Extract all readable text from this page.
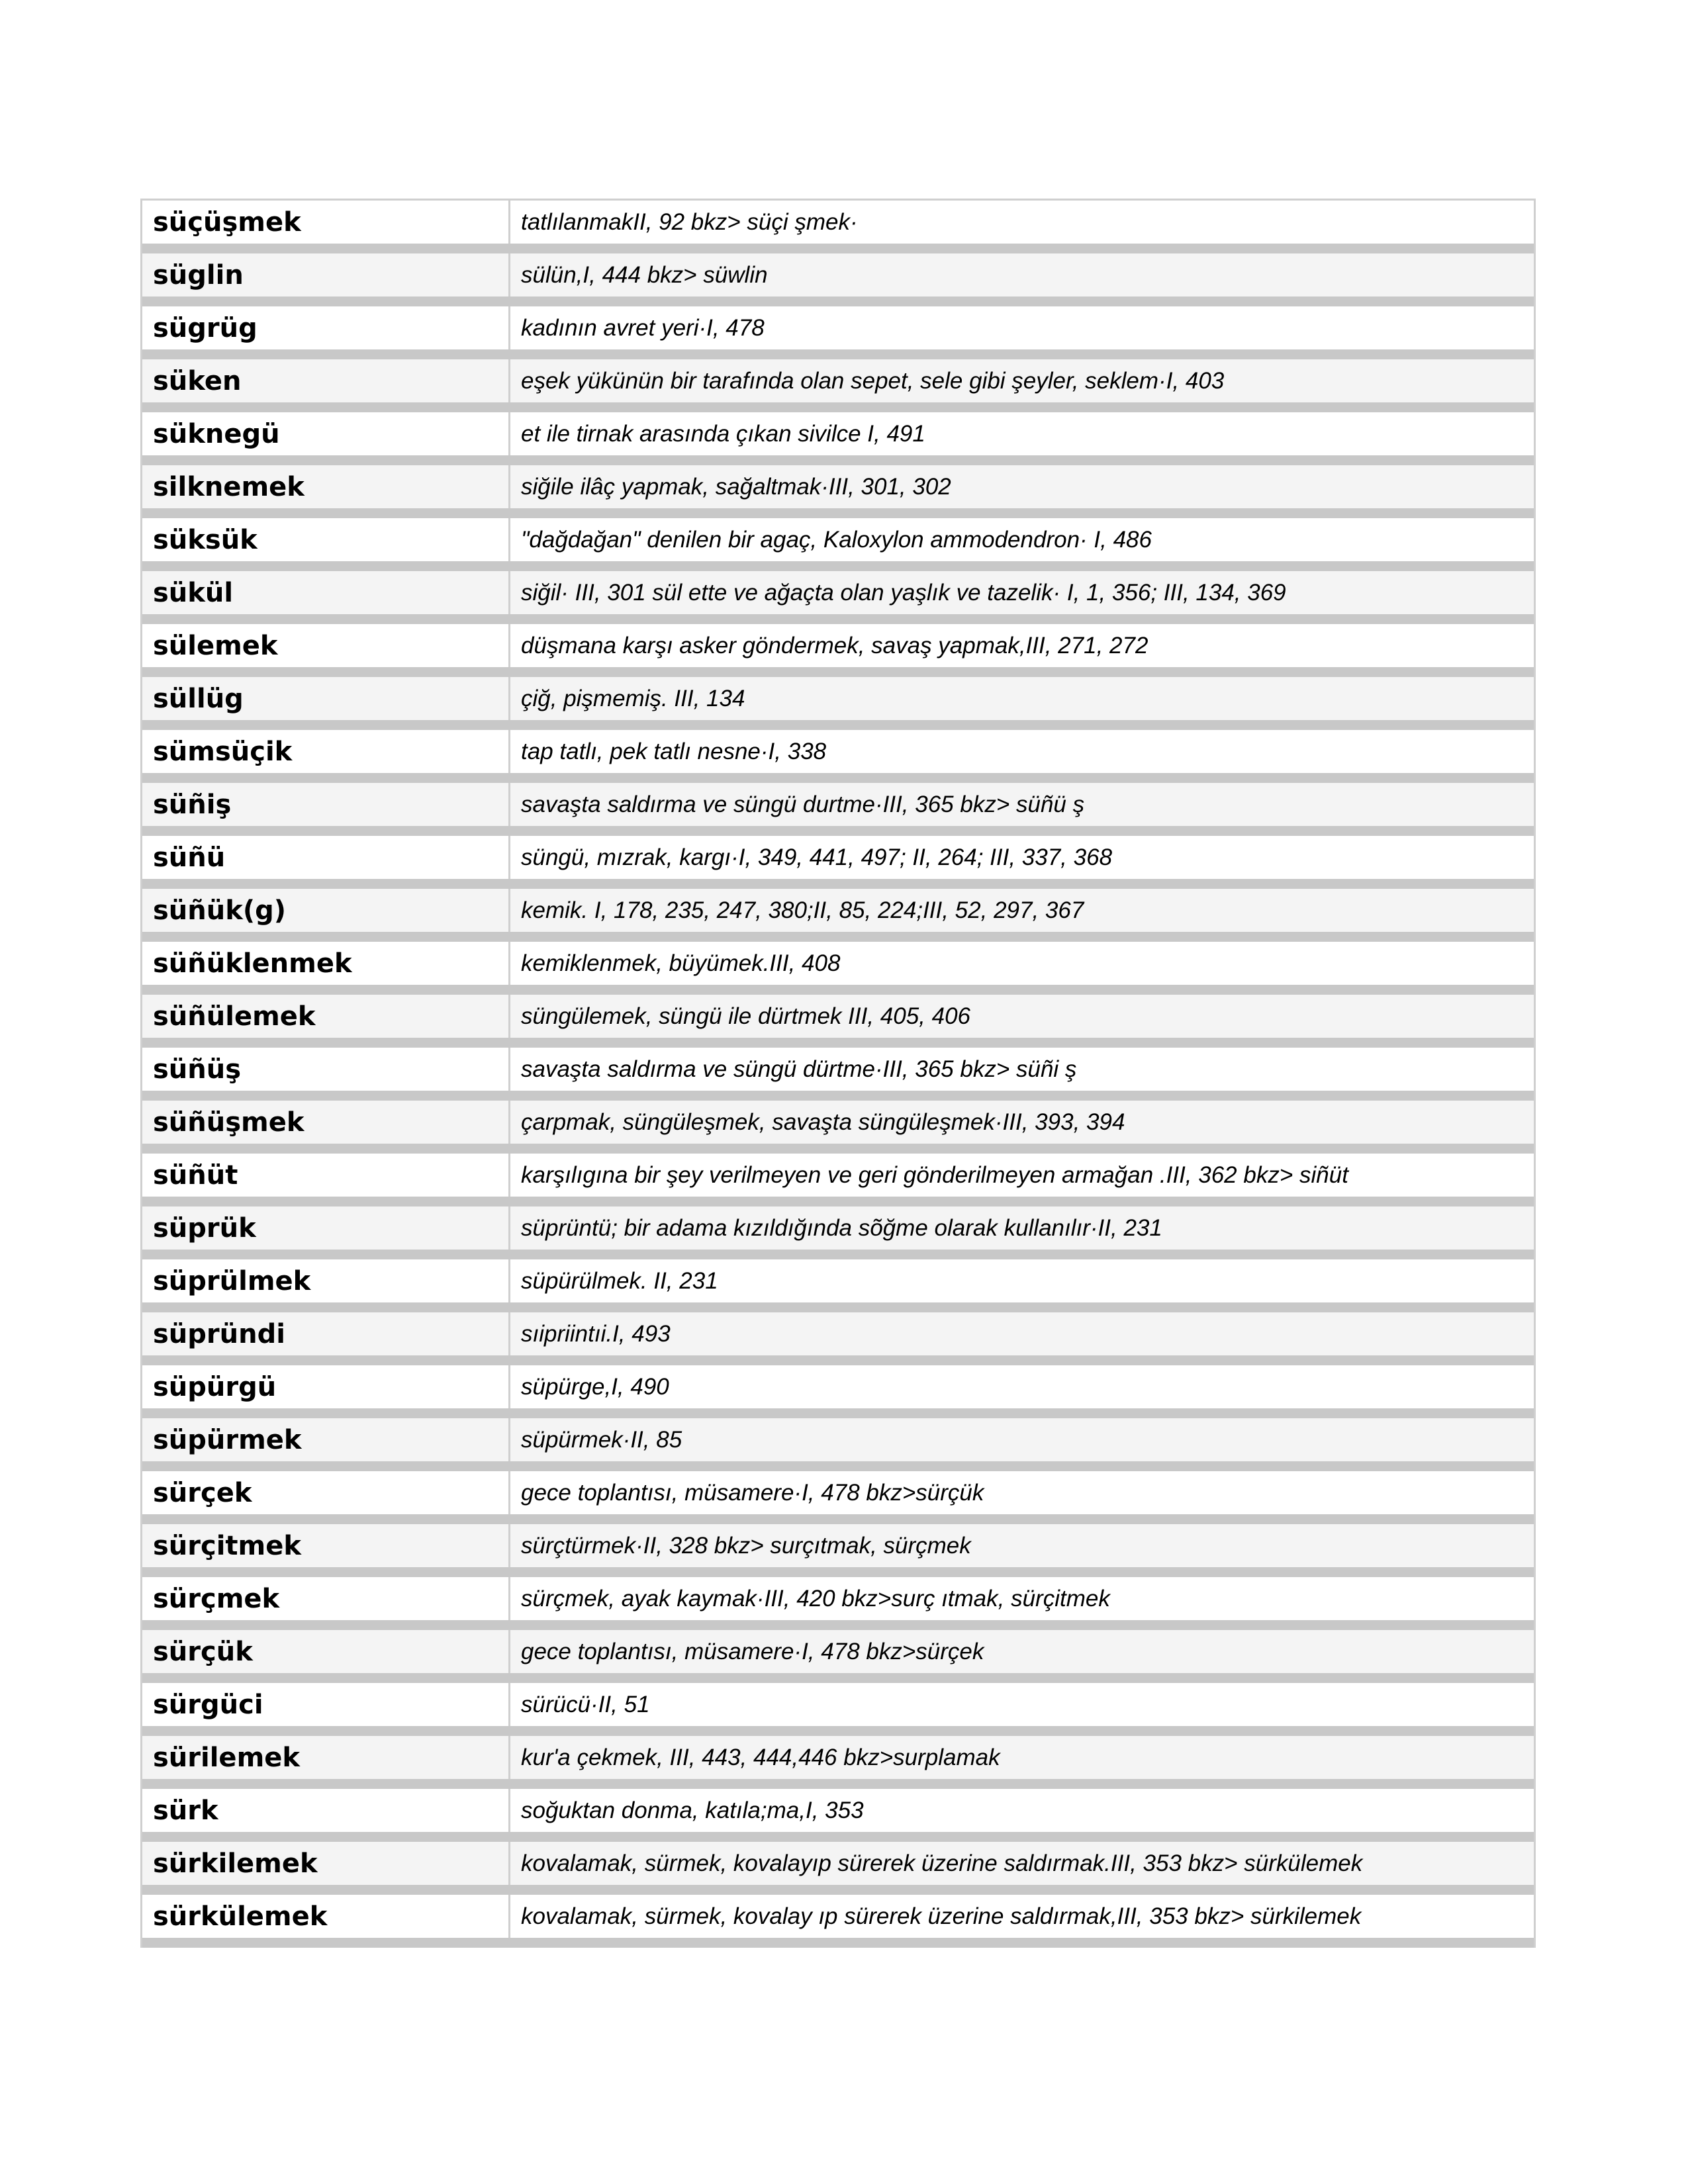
süçüşmek	tatlılanmakII, 92 bkz> süçi şmek·
süglin	sülün,I, 444 bkz> süwlin
sügrüg	kadının avret yeri·I, 478
süken	eşek yükünün bir tarafında olan sepet, sele gibi şeyler, seklem·I, 403
süknegü	et ile tirnak arasında çıkan sivilce I, 491
silknemek	siğile ilâç yapmak, sağaltmak·III, 301, 302
süksük	"dağdağan" denilen bir agaç, Kaloxylon ammodendron· I, 486
sükül	siğil· III, 301 sül ette ve ağaçta olan yaşlık ve tazelik· I, 1, 356; III, 134, 369
sülemek	düşmana karşı asker göndermek, savaş yapmak,III, 271, 272
süllüg	çiğ, pişmemiş. III, 134
sümsüçik	tap tatlı, pek tatlı nesne·I, 338
süñiş	savaşta saldırma ve süngü durtme·III, 365 bkz> süñü ş
süñü	süngü, mızrak, kargı·I, 349, 441, 497; II, 264; III, 337, 368
süñük(g)	kemik. I, 178, 235, 247, 380;II, 85, 224;III, 52, 297, 367
süñüklenmek	kemiklenmek, büyümek.III, 408
süñülemek	süngülemek, süngü ile dürtmek III, 405, 406
süñüş	savaşta saldırma ve süngü dürtme·III, 365 bkz> süñi ş
süñüşmek	çarpmak, süngüleşmek, savaşta süngüleşmek·III, 393, 394
süñüt	karşılıgına bir şey verilmeyen ve geri gönderilmeyen armağan .III, 362 bkz> siñüt
süprük	süprüntü; bir adama kızıldığında sõğme olarak kullanılır·II, 231
süprülmek	süpürülmek. II, 231
süpründi	sıipriintıi.I, 493
süpürgü	süpürge,I, 490
süpürmek	süpürmek·II, 85
sürçek	gece toplantısı, müsamere·I, 478 bkz>sürçük
sürçitmek	sürçtürmek·II, 328 bkz> surçıtmak, sürçmek
sürçmek	sürçmek, ayak kaymak·III, 420 bkz>surç ıtmak, sürçitmek
sürçük	gece toplantısı, müsamere·I, 478 bkz>sürçek
sürgüci	sürücü·II, 51
sürilemek	kur'a çekmek, III, 443, 444,446 bkz>surplamak
sürk	soğuktan donma, katıla;ma,I, 353
sürkilemek	kovalamak, sürmek, kovalayıp sürerek üzerine saldırmak.III, 353 bkz> sürkülemek
sürkülemek	kovalamak, sürmek, kovalay ıp sürerek üzerine saldırmak,III, 353 bkz> sürkilemek
